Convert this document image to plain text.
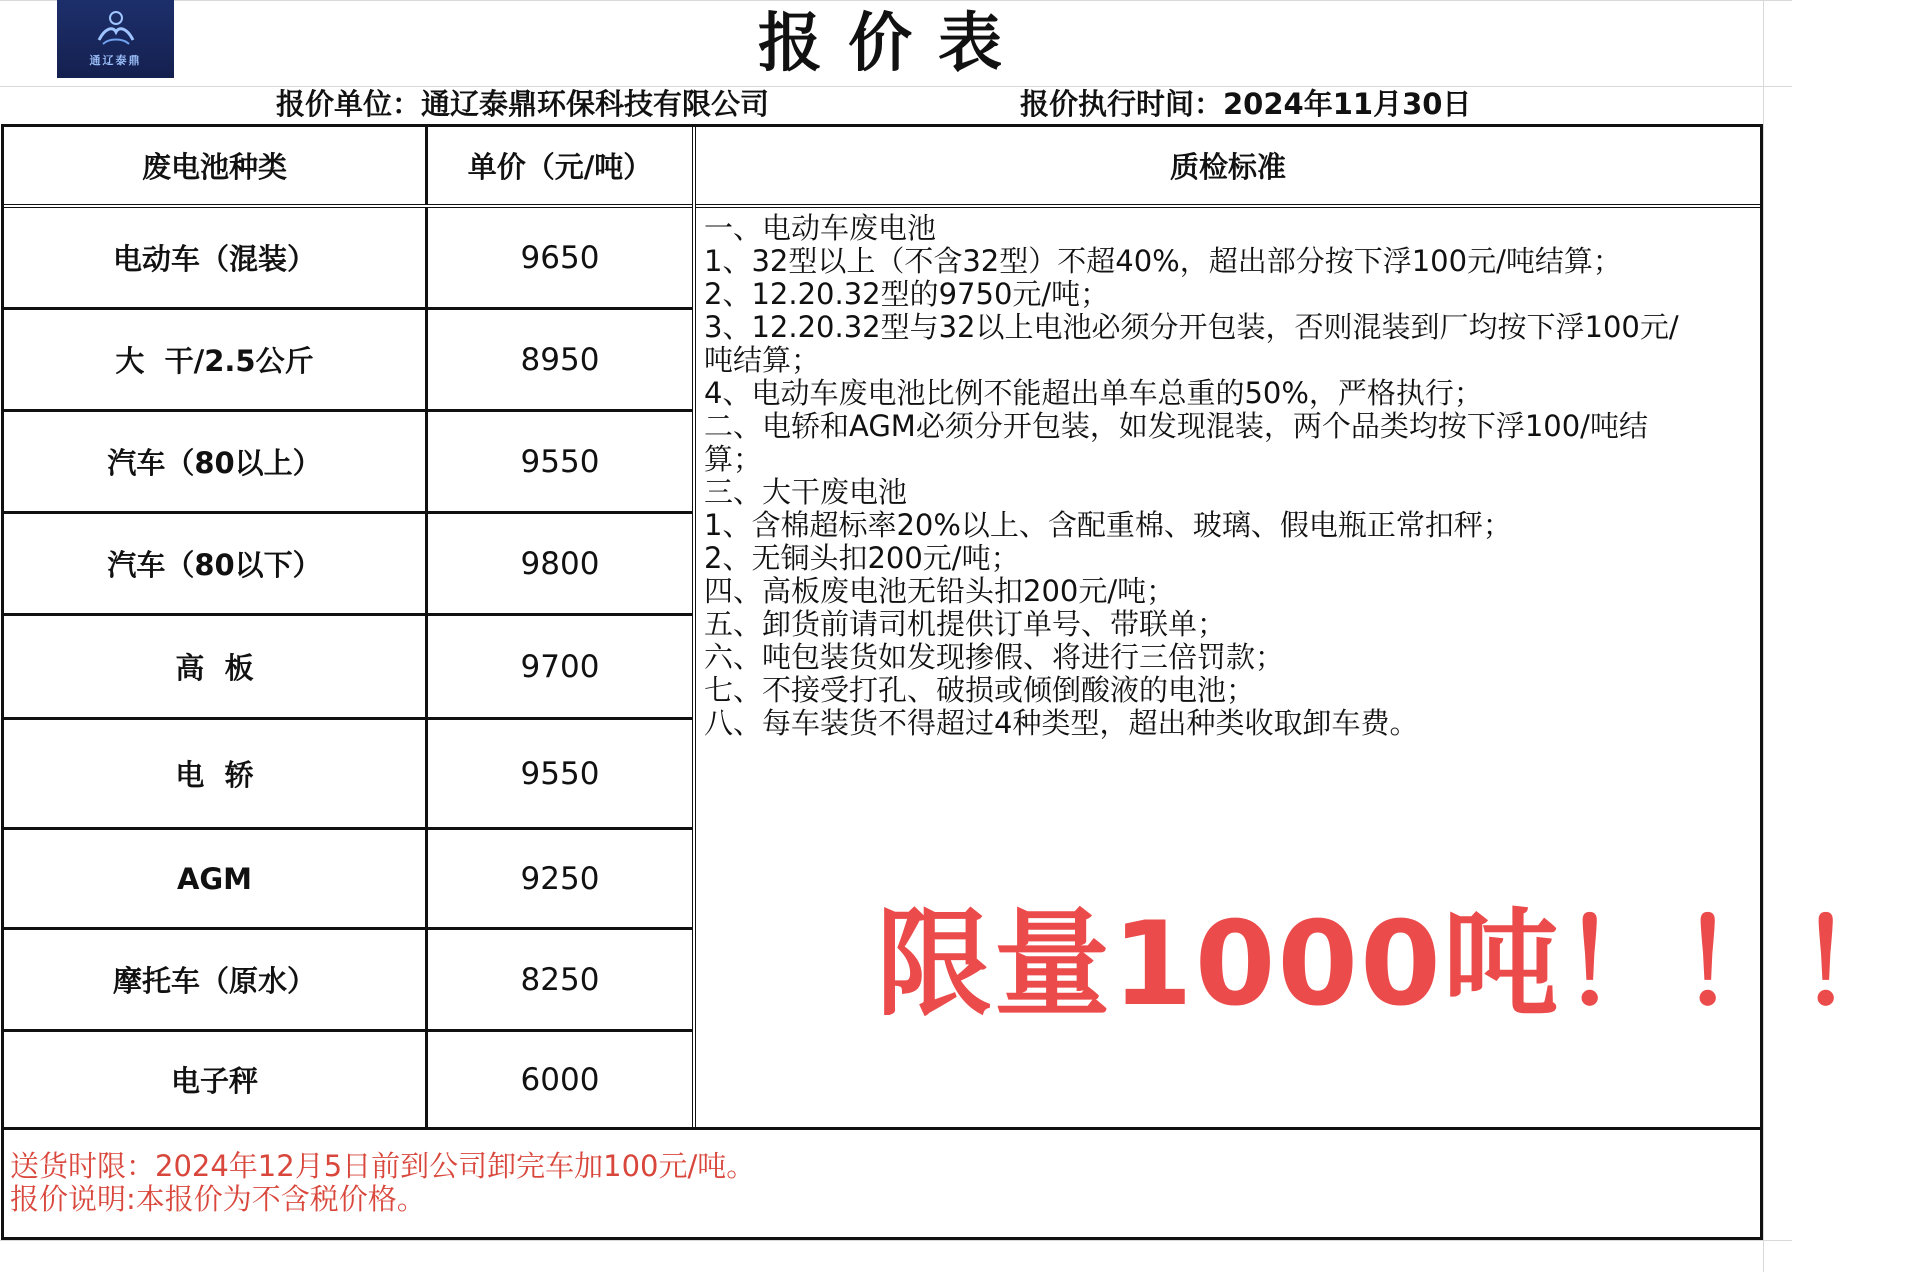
通辽泰鼎	报价表
报价单位：通辽泰鼎环保科技有限公司	报价执行时间：2024年11月30日
废电池种类	单价（元/吨）
电动车（混装）	9650
大  干/2.5公斤	8950
汽车（80以上）	9550
汽车（80以下）	9800
高  板	9700
电  轿	9550
AGM	9250
摩托车（原水）	8250
电子秤	6000
质检标准
一、电动车废电池
1、32型以上（不含32型）不超40%，超出部分按下浮100元/吨结算；
2、12.20.32型的9750元/吨；
3、12.20.32型与32以上电池必须分开包装，否则混装到厂均按下浮100元/
吨结算；
4、电动车废电池比例不能超出单车总重的50%，严格执行；
二、电轿和AGM必须分开包装，如发现混装，两个品类均按下浮100/吨结
算；
三、大干废电池
1、含棉超标率20%以上、含配重棉、玻璃、假电瓶正常扣秤；
2、无铜头扣200元/吨；
四、高板废电池无铅头扣200元/吨；
五、卸货前请司机提供订单号、带联单；
六、吨包装货如发现掺假、将进行三倍罚款；
七、不接受打孔、破损或倾倒酸液的电池；
八、每车装货不得超过4种类型，超出种类收取卸车费。
限量1000吨！！！
送货时限：2024年12月5日前到公司卸完车加100元/吨。
报价说明:本报价为不含税价格。
